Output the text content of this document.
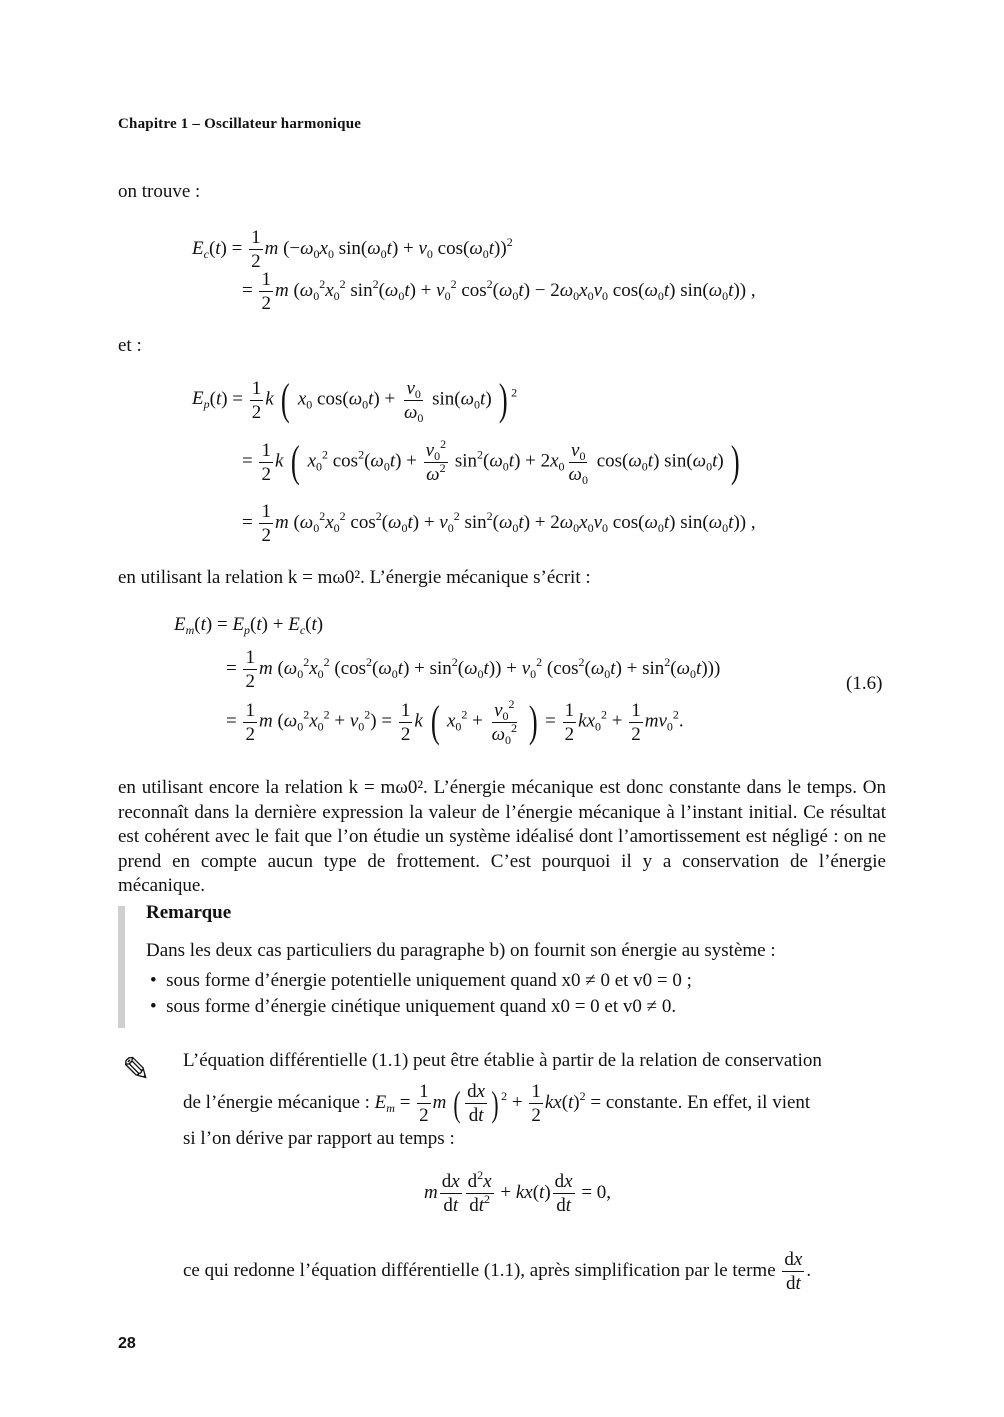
Chapitre 1 – Oscillateur harmonique
on trouve :
$E_c(t) = \frac{1}{2}$ m ($-\omega_0x_0$ $\sin(\omega_0t) + v_0$ $\cos(\omega_0t))^2$
= $\frac{1}{2}$ m ($\omega_0^2x_0^2$ $\sin^2(\omega_0t) + v_0^2$ $\cos^2(\omega_0t) - 2\omega_0x_0v_0$ $\cos(\omega_0t)$ $\sin(\omega_0t)$) ,
et :
$E_p(t) = \frac{1}{2}$ k ( $x_0$ $\cos(\omega_0t) + \frac{v_0}{\omega_0} \sin(\omega_0t)$ ) $^2$
= $\frac{1}{2}$ k ( $x_0^2$ $\cos^2(\omega_0t) + \frac{v_0^2}{\omega^2} \sin^2(\omega_0t) + 2x_0 \frac{v_0}{\omega_0} \cos(\omega_0t)$ $\sin(\omega_0t)$ )
= $\frac{1}{2}$ m ($\omega_0^2x_0^2$ $\cos^2(\omega_0t) + v_0^2$ $\sin^2(\omega_0t) + 2\omega_0x_0v_0$ $\cos(\omega_0t)$ $\sin(\omega_0t)$) ,
en utilisant la relation k = mω0². L’énergie mécanique s’écrit :
$E_m(t) = E_p(t) + E_c(t)$
= $\frac{1}{2}$ m ($\omega_0^2x_0^2$ $(\cos^2(\omega_0t) + \sin^2(\omega_0t)) + v_0^2$ $(\cos^2(\omega_0t) + \sin^2(\omega_0t))$)
(1.6)
= $\frac{1}{2}$ m $(\omega_0^2x_0^2 + v_0^2) = \frac{1}{2}$ k ( $x_0^2 + \frac{v_0^2}{\omega_0^2}$ ) = $\frac{1}{2} kx_0^2 + \frac{1}{2} mv_0^2$.
en utilisant encore la relation k = mω0². L’énergie mécanique est donc constante dans le temps. On reconnaît dans la dernière expression la valeur de l’énergie mécanique à l’instant initial. Ce résultat est cohérent avec le fait que l’on étudie un système idéalisé dont l’amortissement est négligé : on ne prend en compte aucun type de frottement. C’est pourquoi il y a conservation de l’énergie mécanique.
Remarque
Dans les deux cas particuliers du paragraphe b) on fournit son énergie au système :
•  sous forme d’énergie potentielle uniquement quand x0 ≠ 0 et v0 = 0 ;
•  sous forme d’énergie cinétique uniquement quand x0 = 0 et v0 ≠ 0.
✎ L’équation différentielle (1.1) peut être établie à partir de la relation de conservation
de l’énergie mécanique : $E_m = \frac{1}{2}$ m ( $\frac{dx}{dt}$ ) $^2 + \frac{1}{2} kx(t)^2$ = constante. En effet, il vient
si l’on dérive par rapport au temps :
m $\frac{dx}{dt} \frac{d^2x}{dt^2} + kx(t) \frac{dx}{dt} = 0$,
ce qui redonne l’équation différentielle (1.1), après simplification par le terme $\frac{dx}{dt}$ .
28
